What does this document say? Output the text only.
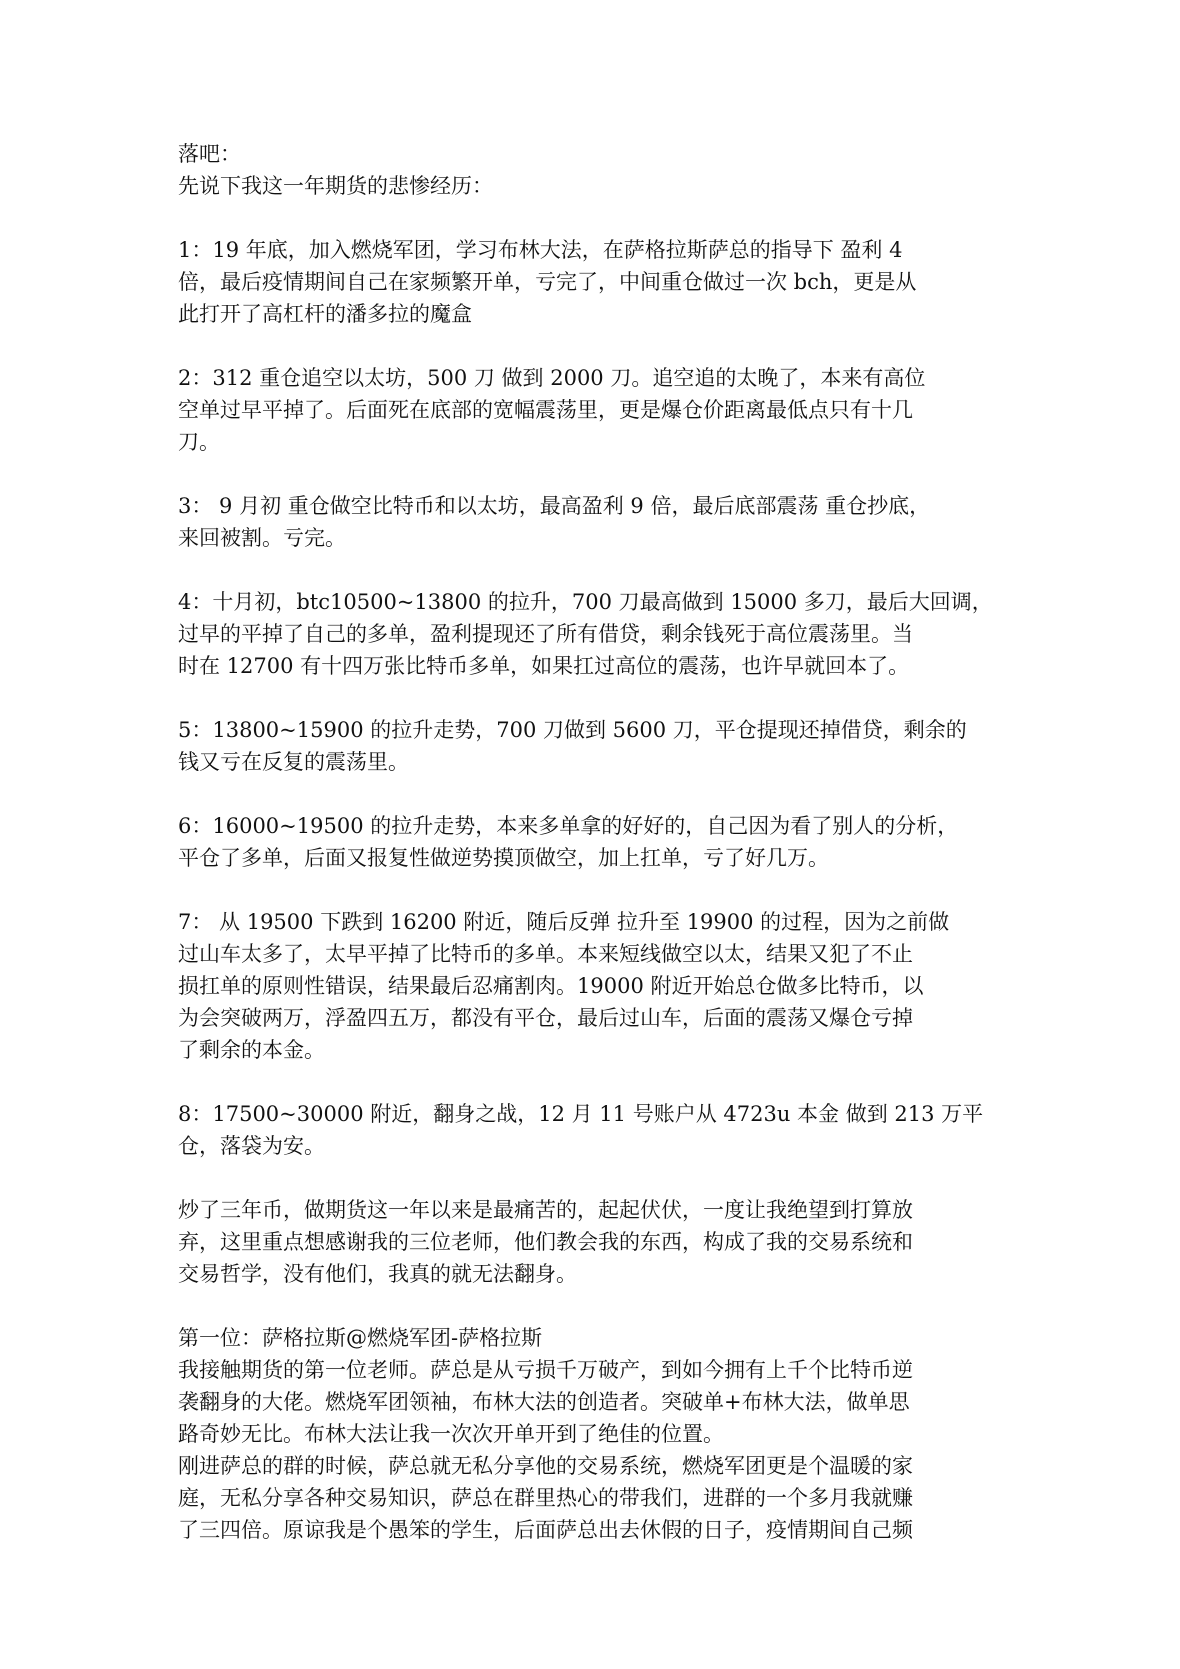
落吧：
先说下我这一年期货的悲惨经历：

1：19 年底，加入燃烧军团，学习布林大法，在萨格拉斯萨总的指导下 盈利 4
倍，最后疫情期间自己在家频繁开单，亏完了，中间重仓做过一次 bch，更是从
此打开了高杠杆的潘多拉的魔盒

2：312 重仓追空以太坊，500 刀 做到 2000 刀。追空追的太晚了，本来有高位
空单过早平掉了。后面死在底部的宽幅震荡里，更是爆仓价距离最低点只有十几
刀。

3： 9 月初 重仓做空比特币和以太坊，最高盈利 9 倍，最后底部震荡 重仓抄底，
来回被割。亏完。

4：十月初，btc10500~13800 的拉升，700 刀最高做到 15000 多刀，最后大回调，
过早的平掉了自己的多单，盈利提现还了所有借贷，剩余钱死于高位震荡里。当
时在 12700 有十四万张比特币多单，如果扛过高位的震荡，也许早就回本了。

5：13800~15900 的拉升走势，700 刀做到 5600 刀，平仓提现还掉借贷，剩余的
钱又亏在反复的震荡里。

6：16000~19500 的拉升走势，本来多单拿的好好的，自己因为看了别人的分析，
平仓了多单，后面又报复性做逆势摸顶做空，加上扛单，亏了好几万。

7： 从 19500 下跌到 16200 附近，随后反弹 拉升至 19900 的过程，因为之前做
过山车太多了，太早平掉了比特币的多单。本来短线做空以太，结果又犯了不止
损扛单的原则性错误，结果最后忍痛割肉。19000 附近开始总仓做多比特币，以
为会突破两万，浮盈四五万，都没有平仓，最后过山车，后面的震荡又爆仓亏掉
了剩余的本金。

8：17500~30000 附近，翻身之战，12 月 11 号账户从 4723u 本金 做到 213 万平
仓，落袋为安。

炒了三年币，做期货这一年以来是最痛苦的，起起伏伏，一度让我绝望到打算放
弃，这里重点想感谢我的三位老师，他们教会我的东西，构成了我的交易系统和
交易哲学，没有他们，我真的就无法翻身。

第一位：萨格拉斯@燃烧军团-萨格拉斯
我接触期货的第一位老师。萨总是从亏损千万破产，到如今拥有上千个比特币逆
袭翻身的大佬。燃烧军团领袖，布林大法的创造者。突破单+布林大法，做单思
路奇妙无比。布林大法让我一次次开单开到了绝佳的位置。
刚进萨总的群的时候，萨总就无私分享他的交易系统，燃烧军团更是个温暖的家
庭，无私分享各种交易知识，萨总在群里热心的带我们，进群的一个多月我就赚
了三四倍。原谅我是个愚笨的学生，后面萨总出去休假的日子，疫情期间自己频
